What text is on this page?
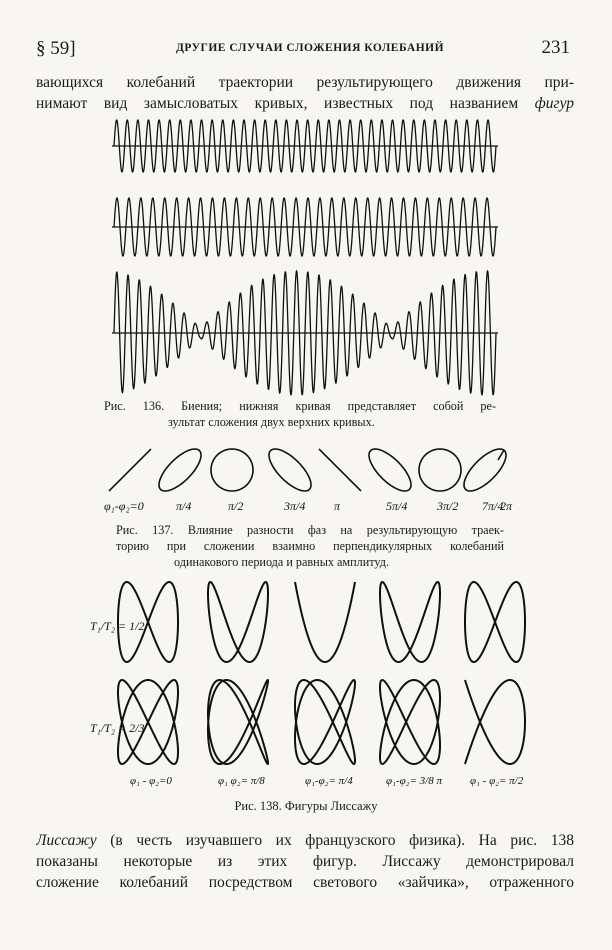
§ 59]	ДРУГИЕ СЛУЧАИ СЛОЖЕНИЯ КОЛЕБАНИЙ	231
вающихся колебаний траектории результирующего движения при-
нимают вид замысловатых кривых, известных под названием фигур
Рис. 136. Биения; нижняя кривая представляет собой ре-
зультат сложения двух верхних кривых.
φ₁-φ₂=0	π/4	π/2	3π/4 π	5π/4 3π/2 7π/4
2π
Рис. 137. Влияние разности фаз на результирующую траек-
торию при сложении взаимно перпендикулярных колебаний
одинакового периода и равных амплитуд.
T₁/T₂ = 1/2
T₁/T₂ = 2/3
φ₁ - φ₂=0	φ₁ φ₂= π/8	φ₁-φ₂= π/4	φ₁-φ₂= 3/8 π	φ₁ - φ₂= π/2
Рис. 138. Фигуры Лиссажу
Лиссажу (в честь изучавшего их французского физика). На рис. 138
показаны некоторые из этих фигур. Лиссажу демонстрировал
сложение колебаний посредством светового «зайчика», отраженного
